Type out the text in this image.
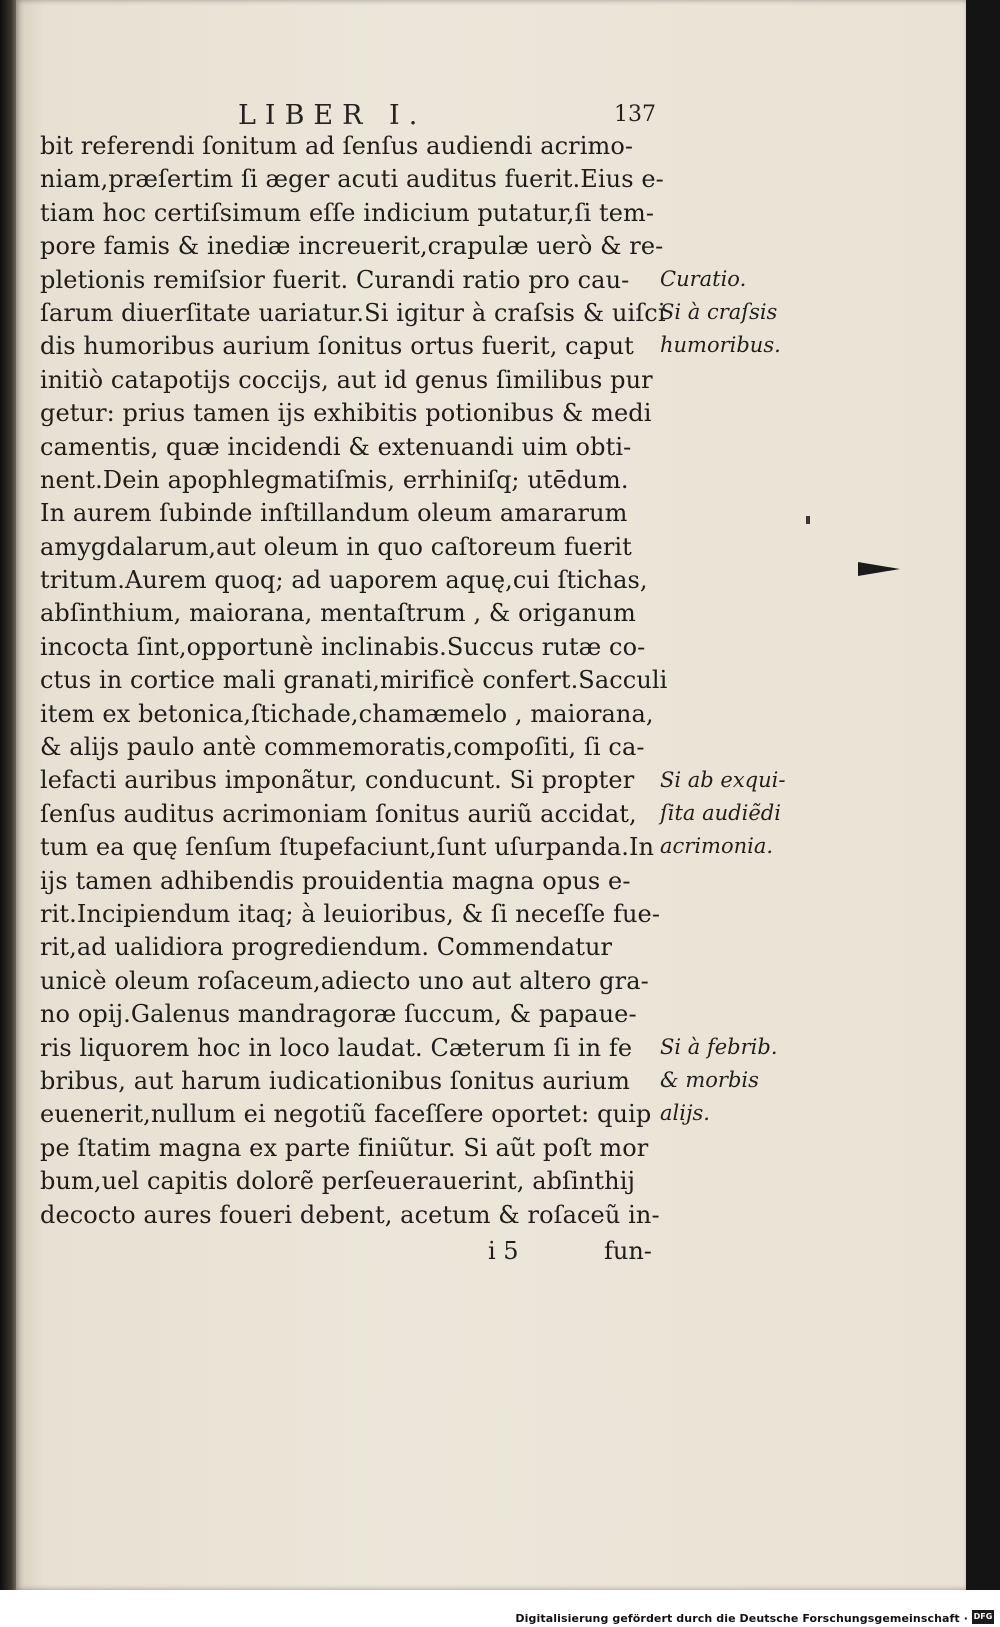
LIBER I.	137
bit referendi ſonitum ad ſenſus audiendi acrimo-
niam,præſertim ſi æger acuti auditus fuerit.Eius e-
tiam hoc certiſsimum eſſe indicium putatur,ſi tem-
pore famis & inediæ increuerit,crapulæ uerò & re-
pletionis remiſsior fuerit. Curandi ratio pro cau-
ſarum diuerſitate uariatur.Si igitur à craſsis & uiſci
dis humoribus aurium ſonitus ortus fuerit, caput
initiò catapotijs coccijs, aut id genus ſimilibus pur
getur: prius tamen ijs exhibitis potionibus & medi
camentis, quæ incidendi & extenuandi uim obti-
nent.Dein apophlegmatiſmis, errhiniſq; utēdum.
In aurem ſubinde inſtillandum oleum amararum
amygdalarum,aut oleum in quo caſtoreum fuerit
tritum.Aurem quoq; ad uaporem aquę,cui ſtichas,
abſinthium, maiorana, mentaſtrum , & origanum
incocta ſint,opportunè inclinabis.Succus rutæ co-
ctus in cortice mali granati,mirificè confert.Sacculi
item ex betonica,ſtichade,chamæmelo , maiorana,
& alijs paulo antè commemoratis,compoſiti, ſi ca-
lefacti auribus imponãtur, conducunt. Si propter
ſenſus auditus acrimoniam ſonitus auriũ accidat,
tum ea quę ſenſum ſtupefaciunt,ſunt uſurpanda.In
ijs tamen adhibendis prouidentia magna opus e-
rit.Incipiendum itaq; à leuioribus, & ſi neceſſe fue-
rit,ad ualidiora progrediendum. Commendatur
unicè oleum roſaceum,adiecto uno aut altero gra-
no opij.Galenus mandragoræ ſuccum, & papaue-
ris liquorem hoc in loco laudat. Cæterum ſi in fe
bribus, aut harum iudicationibus ſonitus aurium
euenerit,nullum ei negotiũ faceſſere oportet: quip
pe ſtatim magna ex parte finiũtur. Si aũt poſt mor
bum,uel capitis dolorẽ perſeuerauerint, abſinthij
decocto aures foueri debent, acetum & roſaceũ in-
i 5	fun-
Curatio.
Si à craſsis
humoribus.
Si ab exqui-
ſita audiẽdi
acrimonia.
Si à febrib.
& morbis
alijs.
Digitalisierung gefördert durch die Deutsche Forschungsgemeinschaft · DFG
